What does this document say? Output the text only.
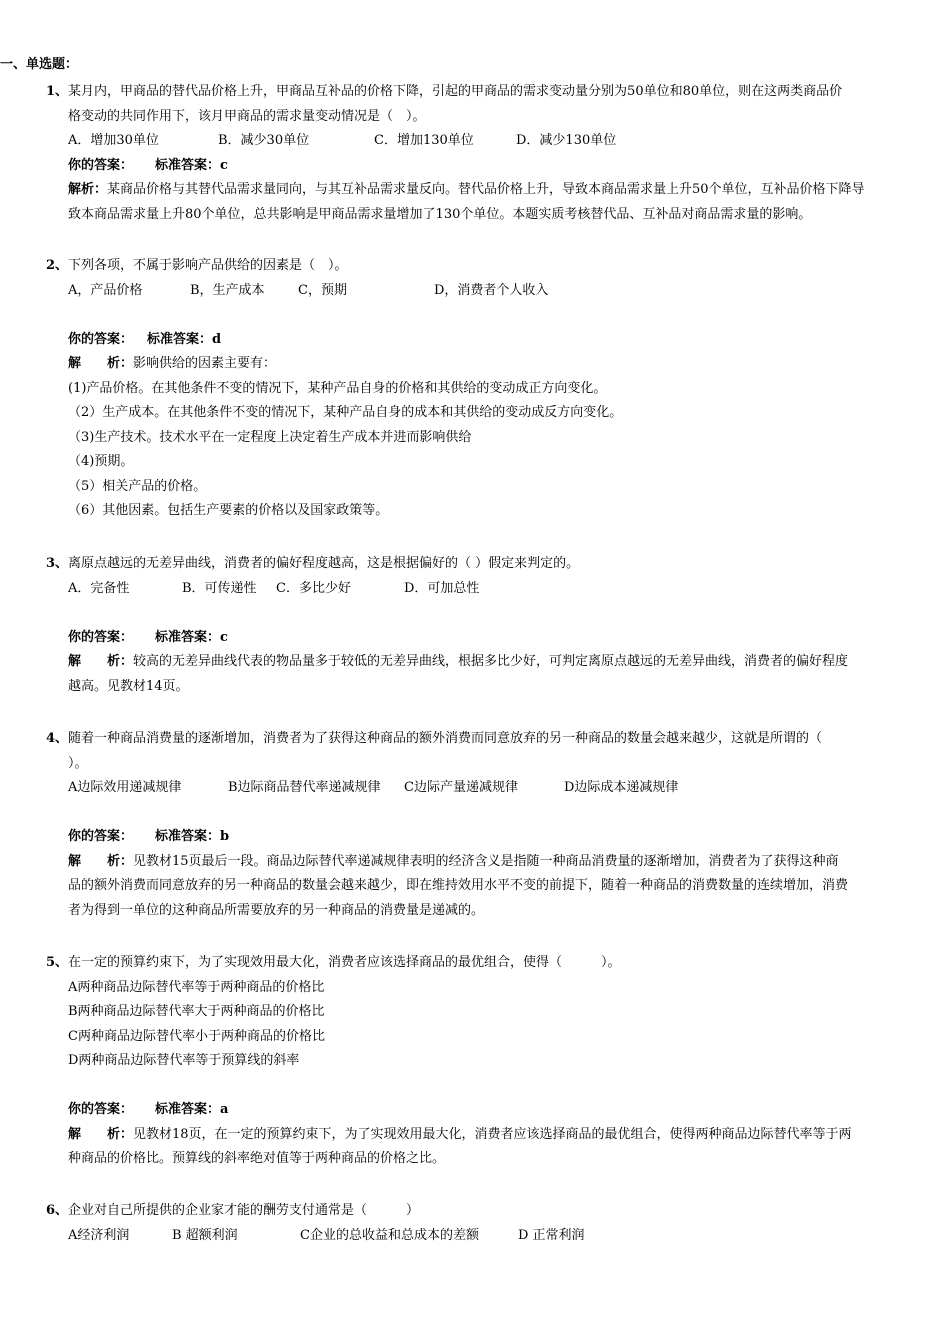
一、单选题：
1、某月内，甲商品的替代品价格上升，甲商品互补品的价格下降，引起的甲商品的需求变动量分别为50单位和80单位，则在这两类商品价
格变动的共同作用下，该月甲商品的需求量变动情况是（　）。
A．增加30单位	B．减少30单位	C．增加130单位	D．减少130单位
你的答案： 标准答案：c
解析：某商品价格与其替代品需求量同向，与其互补品需求量反向。替代品价格上升，导致本商品需求量上升50个单位，互补品价格下降导
致本商品需求量上升80个单位，总共影响是甲商品需求量增加了130个单位。本题实质考核替代品、互补品对商品需求量的影响。
2、下列各项，不属于影响产品供给的因素是（　）。
A，产品价格	B，生产成本	C，预期	D，消费者个人收入
你的答案： 标准答案：d
解　　析：影响供给的因素主要有：
(1)产品价格。在其他条件不变的情况下，某种产品自身的价格和其供给的变动成正方向变化。
（2）生产成本。在其他条件不变的情况下，某种产品自身的成本和其供给的变动成反方向变化。
（3)生产技术。技术水平在一定程度上决定着生产成本并进而影响供给
（4)预期。
（5）相关产品的价格。
（6）其他因素。包括生产要素的价格以及国家政策等。
3、离原点越远的无差异曲线，消费者的偏好程度越高，这是根据偏好的（ ）假定来判定的。
A．完备性	B．可传递性 C．多比少好	D．可加总性
你的答案： 标准答案：c
解　　析：较高的无差异曲线代表的物品量多于较低的无差异曲线，根据多比少好，可判定离原点越远的无差异曲线，消费者的偏好程度
越高。见教材14页。
4、随着一种商品消费量的逐渐增加，消费者为了获得这种商品的额外消费而同意放弃的另一种商品的数量会越来越少，这就是所谓的（
）。
A边际效用递减规律	B边际商品替代率递减规律 C边际产量递减规律	D边际成本递减规律
你的答案： 标准答案：b
解　　析：见教材15页最后一段。商品边际替代率递减规律表明的经济含义是指随一种商品消费量的逐渐增加，消费者为了获得这种商
品的额外消费而同意放弃的另一种商品的数量会越来越少，即在维持效用水平不变的前提下，随着一种商品的消费数量的连续增加，消费
者为得到一单位的这种商品所需要放弃的另一种商品的消费量是递减的。
5、在一定的预算约束下，为了实现效用最大化，消费者应该选择商品的最优组合，使得（　　　）。
A两种商品边际替代率等于两种商品的价格比
B两种商品边际替代率大于两种商品的价格比
C两种商品边际替代率小于两种商品的价格比
D两种商品边际替代率等于预算线的斜率
你的答案： 标准答案：a
解　　析：见教材18页，在一定的预算约束下，为了实现效用最大化，消费者应该选择商品的最优组合，使得两种商品边际替代率等于两
种商品的价格比。预算线的斜率绝对值等于两种商品的价格之比。
6、企业对自己所提供的企业家才能的酬劳支付通常是（　　　）
A经济利润	B 超额利润	C企业的总收益和总成本的差额	D 正常利润
